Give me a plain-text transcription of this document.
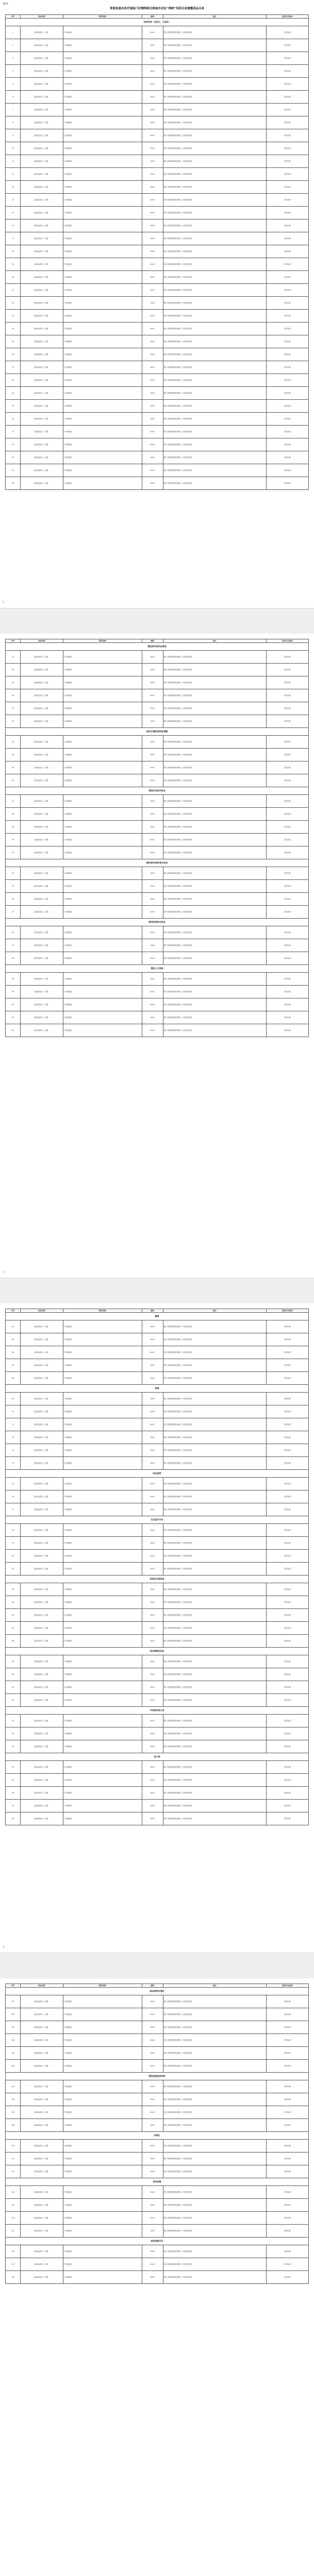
附件
青海省基本医疗保险门诊慢特病关联城乡居民“两病”用药目录调整药品名单
序号	药品名称	剂型/规格	编码	备注	医保支付标准
药用肝病（全部已、已备表）					
1	某某某药品（口服）	片剂/胶囊	XA01	限门诊慢特病患者使用，按规定报销	详见标准
2	某某某药品（口服）	片剂/胶囊	XA01	限门诊慢特病患者使用，按规定报销	详见标准
3	某某某药品（口服）	片剂/胶囊	XA01	限门诊慢特病患者使用，按规定报销	详见标准
4	某某某药品（口服）	片剂/胶囊	XA01	限门诊慢特病患者使用，按规定报销	详见标准
5	某某某药品（口服）	片剂/胶囊	XA01	限门诊慢特病患者使用，按规定报销	详见标准
6	某某某药品（口服）	片剂/胶囊	XA01	限门诊慢特病患者使用，按规定报销	详见标准
7	某某某药品（口服）	片剂/胶囊	XA01	限门诊慢特病患者使用，按规定报销	详见标准
8	某某某药品（口服）	片剂/胶囊	XA01	限门诊慢特病患者使用，按规定报销	详见标准
9	某某某药品（口服）	片剂/胶囊	XA01	限门诊慢特病患者使用，按规定报销	详见标准
10	某某某药品（口服）	片剂/胶囊	XA01	限门诊慢特病患者使用，按规定报销	详见标准
11	某某某药品（口服）	片剂/胶囊	XA01	限门诊慢特病患者使用，按规定报销	详见标准
12	某某某药品（口服）	片剂/胶囊	XA01	限门诊慢特病患者使用，按规定报销	详见标准
13	某某某药品（口服）	片剂/胶囊	XA01	限门诊慢特病患者使用，按规定报销	详见标准
14	某某某药品（口服）	片剂/胶囊	XA01	限门诊慢特病患者使用，按规定报销	详见标准
15	某某某药品（口服）	片剂/胶囊	XA01	限门诊慢特病患者使用，按规定报销	详见标准
16	某某某药品（口服）	片剂/胶囊	XA01	限门诊慢特病患者使用，按规定报销	详见标准
17	某某某药品（口服）	片剂/胶囊	XA01	限门诊慢特病患者使用，按规定报销	详见标准
18	某某某药品（口服）	片剂/胶囊	XA01	限门诊慢特病患者使用，按规定报销	详见标准
19	某某某药品（口服）	片剂/胶囊	XA01	限门诊慢特病患者使用，按规定报销	详见标准
20	某某某药品（口服）	片剂/胶囊	XA01	限门诊慢特病患者使用，按规定报销	详见标准
21	某某某药品（口服）	片剂/胶囊	XA01	限门诊慢特病患者使用，按规定报销	详见标准
22	某某某药品（口服）	片剂/胶囊	XA01	限门诊慢特病患者使用，按规定报销	详见标准
23	某某某药品（口服）	片剂/胶囊	XA01	限门诊慢特病患者使用，按规定报销	详见标准
24	某某某药品（口服）	片剂/胶囊	XA01	限门诊慢特病患者使用，按规定报销	详见标准
25	某某某药品（口服）	片剂/胶囊	XA01	限门诊慢特病患者使用，按规定报销	详见标准
26	某某某药品（口服）	片剂/胶囊	XA01	限门诊慢特病患者使用，按规定报销	详见标准
27	某某某药品（口服）	片剂/胶囊	XA01	限门诊慢特病患者使用，按规定报销	详见标准
28	某某某药品（口服）	片剂/胶囊	XA01	限门诊慢特病患者使用，按规定报销	详见标准
29	某某某药品（口服）	片剂/胶囊	XA01	限门诊慢特病患者使用，按规定报销	详见标准
30	某某某药品（口服）	片剂/胶囊	XA01	限门诊慢特病患者使用，按规定报销	详见标准
31	某某某药品（口服）	片剂/胶囊	XA01	限门诊慢特病患者使用，按规定报销	详见标准
32	某某某药品（口服）	片剂/胶囊	XA01	限门诊慢特病患者使用，按规定报销	详见标准
33	某某某药品（口服）	片剂/胶囊	XA01	限门诊慢特病患者使用，按规定报销	详见标准
34	某某某药品（口服）	片剂/胶囊	XA01	限门诊慢特病患者使用，按规定报销	详见标准
35	某某某药品（口服）	片剂/胶囊	XA01	限门诊慢特病患者使用，按规定报销	详见标准
36	某某某药品（口服）	片剂/胶囊	XA01	限门诊慢特病患者使用，按规定报销	详见标准
-1-
序号	药品名称	剂型/规格	编码	备注	医保支付标准
慢性病关联药品管理					
37	某某某药品（口服）	片剂/胶囊	XA01	限门诊慢特病患者使用，按规定报销	详见标准
38	某某某药品（口服）	片剂/胶囊	XA01	限门诊慢特病患者使用，按规定报销	详见标准
39	某某某药品（口服）	片剂/胶囊	XA01	限门诊慢特病患者使用，按规定报销	详见标准
40	某某某药品（口服）	片剂/胶囊	XA01	限门诊慢特病患者使用，按规定报销	详见标准
41	某某某药品（口服）	片剂/胶囊	XA01	限门诊慢特病患者使用，按规定报销	详见标准
42	某某某药品（口服）	片剂/胶囊	XA01	限门诊慢特病患者使用，按规定报销	详见标准
高血压/糖尿病药品调整					
43	某某某药品（口服）	片剂/胶囊	XA01	限门诊慢特病患者使用，按规定报销	详见标准
44	某某某药品（口服）	片剂/胶囊	XA01	限门诊慢特病患者使用，按规定报销	详见标准
45	某某某药品（口服）	片剂/胶囊	XA01	限门诊慢特病患者使用，按规定报销	详见标准
46	某某某药品（口服）	片剂/胶囊	XA01	限门诊慢特病患者使用，按规定报销	详见标准
慢性肝炎相关药品					
47	某某某药品（口服）	片剂/胶囊	XA01	限门诊慢特病患者使用，按规定报销	详见标准
48	某某某药品（口服）	片剂/胶囊	XA01	限门诊慢特病患者使用，按规定报销	详见标准
49	某某某药品（口服）	片剂/胶囊	XA01	限门诊慢特病患者使用，按规定报销	详见标准
50	某某某药品（口服）	片剂/胶囊	XA01	限门诊慢特病患者使用，按规定报销	详见标准
51	某某某药品（口服）	片剂/胶囊	XA01	限门诊慢特病患者使用，按规定报销	详见标准
慢性肾病/透析相关药品					
52	某某某药品（口服）	片剂/胶囊	XA01	限门诊慢特病患者使用，按规定报销	详见标准
53	某某某药品（口服）	片剂/胶囊	XA01	限门诊慢特病患者使用，按规定报销	详见标准
54	某某某药品（口服）	片剂/胶囊	XA01	限门诊慢特病患者使用，按规定报销	详见标准
55	某某某药品（口服）	片剂/胶囊	XA01	限门诊慢特病患者使用，按规定报销	详见标准
精神疾病相关药品					
56	某某某药品（口服）	片剂/胶囊	XA01	限门诊慢特病患者使用，按规定报销	详见标准
57	某某某药品（口服）	片剂/胶囊	XA01	限门诊慢特病患者使用，按规定报销	详见标准
58	某某某药品（口服）	片剂/胶囊	XA01	限门诊慢特病患者使用，按规定报销	详见标准
慢性心力衰竭					
59	某某某药品（口服）	片剂/胶囊	XA01	限门诊慢特病患者使用，按规定报销	详见标准
60	某某某药品（口服）	片剂/胶囊	XA01	限门诊慢特病患者使用，按规定报销	详见标准
61	某某某药品（口服）	片剂/胶囊	XA01	限门诊慢特病患者使用，按规定报销	详见标准
62	某某某药品（口服）	片剂/胶囊	XA01	限门诊慢特病患者使用，按规定报销	详见标准
63	某某某药品（口服）	片剂/胶囊	XA01	限门诊慢特病患者使用，按规定报销	详见标准
-2-
序号	药品名称	剂型/规格	编码	备注	医保支付标准
癫痫					
64	某某某药品（口服）	片剂/胶囊	XA01	限门诊慢特病患者使用，按规定报销	详见标准
65	某某某药品（口服）	片剂/胶囊	XA01	限门诊慢特病患者使用，按规定报销	详见标准
66	某某某药品（口服）	片剂/胶囊	XA01	限门诊慢特病患者使用，按规定报销	详见标准
67	某某某药品（口服）	片剂/胶囊	XA01	限门诊慢特病患者使用，按规定报销	详见标准
68	某某某药品（口服）	片剂/胶囊	XA01	限门诊慢特病患者使用，按规定报销	详见标准
哮喘					
69	某某某药品（口服）	片剂/胶囊	XA01	限门诊慢特病患者使用，按规定报销	详见标准
70	某某某药品（口服）	片剂/胶囊	XA01	限门诊慢特病患者使用，按规定报销	详见标准
71	某某某药品（口服）	片剂/胶囊	XA01	限门诊慢特病患者使用，按规定报销	详见标准
72	某某某药品（口服）	片剂/胶囊	XA01	限门诊慢特病患者使用，按规定报销	详见标准
73	某某某药品（口服）	片剂/胶囊	XA01	限门诊慢特病患者使用，按规定报销	详见标准
74	某某某药品（口服）	片剂/胶囊	XA01	限门诊慢特病患者使用，按规定报销	详见标准
帕金森病					
75	某某某药品（口服）	片剂/胶囊	XA01	限门诊慢特病患者使用，按规定报销	详见标准
76	某某某药品（口服）	片剂/胶囊	XA01	限门诊慢特病患者使用，按规定报销	详见标准
77	某某某药品（口服）	片剂/胶囊	XA01	限门诊慢特病患者使用，按规定报销	详见标准
类风湿关节炎					
78	某某某药品（口服）	片剂/胶囊	XA01	限门诊慢特病患者使用，按规定报销	详见标准
79	某某某药品（口服）	片剂/胶囊	XA01	限门诊慢特病患者使用，按规定报销	详见标准
80	某某某药品（口服）	片剂/胶囊	XA01	限门诊慢特病患者使用，按规定报销	详见标准
81	某某某药品（口服）	片剂/胶囊	XA01	限门诊慢特病患者使用，按规定报销	详见标准
系统性红斑狼疮					
82	某某某药品（口服）	片剂/胶囊	XA01	限门诊慢特病患者使用，按规定报销	详见标准
83	某某某药品（口服）	片剂/胶囊	XA01	限门诊慢特病患者使用，按规定报销	详见标准
84	某某某药品（口服）	片剂/胶囊	XA01	限门诊慢特病患者使用，按规定报销	详见标准
85	某某某药品（口服）	片剂/胶囊	XA01	限门诊慢特病患者使用，按规定报销	详见标准
86	某某某药品（口服）	片剂/胶囊	XA01	限门诊慢特病患者使用，按规定报销	详见标准
再生障碍性贫血					
87	某某某药品（口服）	片剂/胶囊	XA01	限门诊慢特病患者使用，按规定报销	详见标准
88	某某某药品（口服）	片剂/胶囊	XA01	限门诊慢特病患者使用，按规定报销	详见标准
89	某某某药品（口服）	片剂/胶囊	XA01	限门诊慢特病患者使用，按规定报销	详见标准
90	某某某药品（口服）	片剂/胶囊	XA01	限门诊慢特病患者使用，按规定报销	详见标准
甲状腺功能亢进					
91	某某某药品（口服）	片剂/胶囊	XA01	限门诊慢特病患者使用，按规定报销	详见标准
92	某某某药品（口服）	片剂/胶囊	XA01	限门诊慢特病患者使用，按规定报销	详见标准
93	某某某药品（口服）	片剂/胶囊	XA01	限门诊慢特病患者使用，按规定报销	详见标准
冠心病					
94	某某某药品（口服）	片剂/胶囊	XA01	限门诊慢特病患者使用，按规定报销	详见标准
95	某某某药品（口服）	片剂/胶囊	XA01	限门诊慢特病患者使用，按规定报销	详见标准
96	某某某药品（口服）	片剂/胶囊	XA01	限门诊慢特病患者使用，按规定报销	详见标准
97	某某某药品（口服）	片剂/胶囊	XA01	限门诊慢特病患者使用，按规定报销	详见标准
98	某某某药品（口服）	片剂/胶囊	XA01	限门诊慢特病患者使用，按规定报销	详见标准
-3-
序号	药品名称	剂型/规格	编码	备注	医保支付标准
脑血管病后遗症					
99	某某某药品（口服）	片剂/胶囊	XA01	限门诊慢特病患者使用，按规定报销	详见标准
100	某某某药品（口服）	片剂/胶囊	XA01	限门诊慢特病患者使用，按规定报销	详见标准
101	某某某药品（口服）	片剂/胶囊	XA01	限门诊慢特病患者使用，按规定报销	详见标准
102	某某某药品（口服）	片剂/胶囊	XA01	限门诊慢特病患者使用，按规定报销	详见标准
103	某某某药品（口服）	片剂/胶囊	XA01	限门诊慢特病患者使用，按规定报销	详见标准
104	某某某药品（口服）	片剂/胶囊	XA01	限门诊慢特病患者使用，按规定报销	详见标准
慢性阻塞性肺疾病					
105	某某某药品（口服）	片剂/胶囊	XA01	限门诊慢特病患者使用，按规定报销	详见标准
106	某某某药品（口服）	片剂/胶囊	XA01	限门诊慢特病患者使用，按规定报销	详见标准
107	某某某药品（口服）	片剂/胶囊	XA01	限门诊慢特病患者使用，按规定报销	详见标准
108	某某某药品（口服）	片剂/胶囊	XA01	限门诊慢特病患者使用，按规定报销	详见标准
肝硬化					
109	某某某药品（口服）	片剂/胶囊	XA01	限门诊慢特病患者使用，按规定报销	详见标准
110	某某某药品（口服）	片剂/胶囊	XA01	限门诊慢特病患者使用，按规定报销	详见标准
111	某某某药品（口服）	片剂/胶囊	XA01	限门诊慢特病患者使用，按规定报销	详见标准
恶性肿瘤					
112	某某某药品（口服）	片剂/胶囊	XA01	限门诊慢特病患者使用，按规定报销	详见标准
113	某某某药品（口服）	片剂/胶囊	XA01	限门诊慢特病患者使用，按规定报销	详见标准
114	某某某药品（口服）	片剂/胶囊	XA01	限门诊慢特病患者使用，按规定报销	详见标准
115	某某某药品（口服）	片剂/胶囊	XA01	限门诊慢特病患者使用，按规定报销	详见标准
器官移植术后					
116	某某某药品（口服）	片剂/胶囊	XA01	限门诊慢特病患者使用，按规定报销	详见标准
117	某某某药品（口服）	片剂/胶囊	XA01	限门诊慢特病患者使用，按规定报销	详见标准
118	某某某药品（口服）	片剂/胶囊	XA01	限门诊慢特病患者使用，按规定报销	详见标准
